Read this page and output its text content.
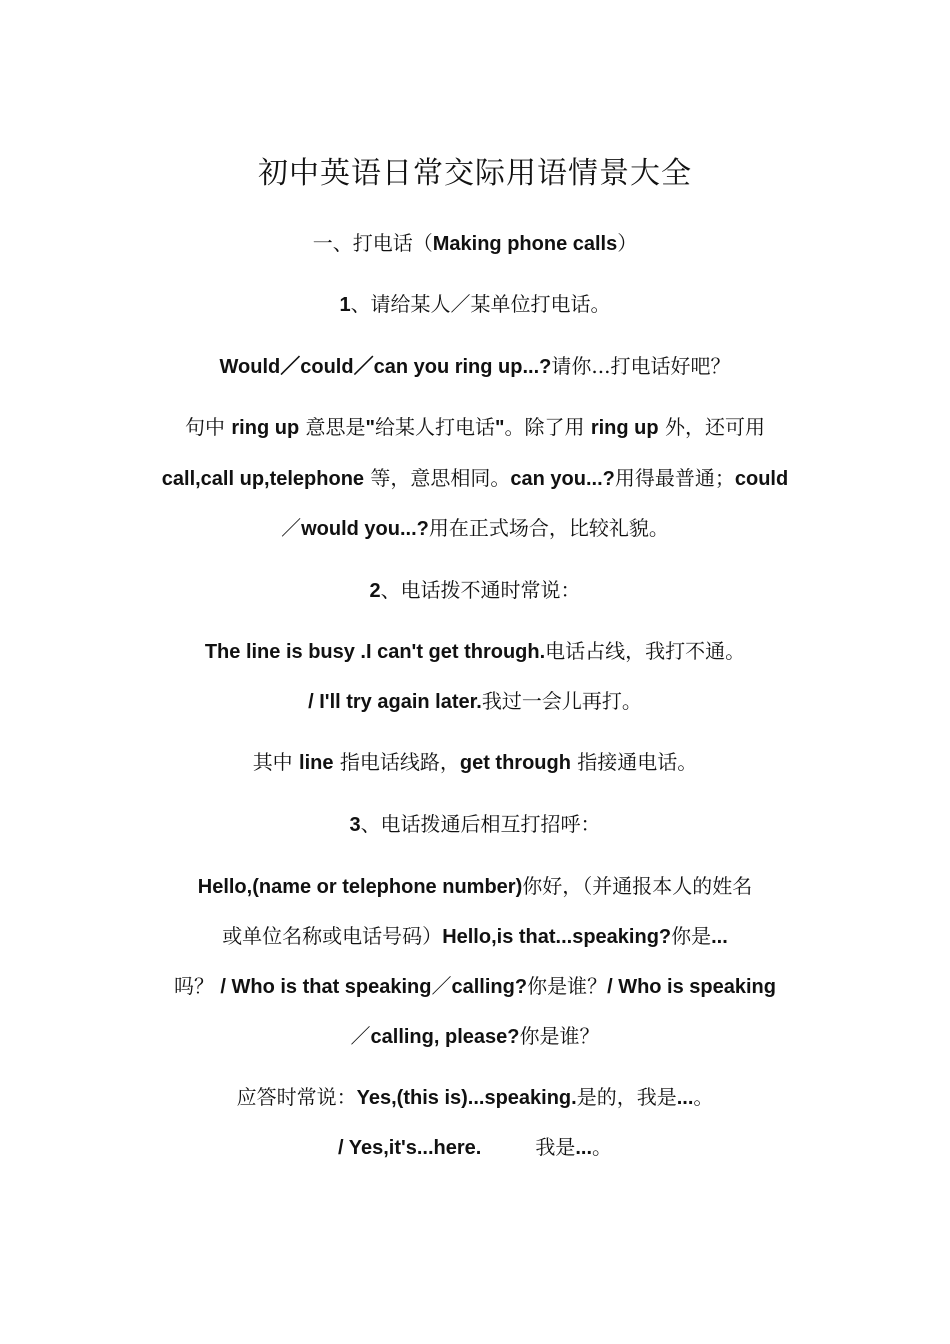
初中英语日常交际用语情景大全
一、打电话（Making phone calls）
1、请给某人／某单位打电话。
Would／could／can you ring up...?请你...打电话好吧？
句中 ring up 意思是"给某人打电话"。除了用 ring up 外，还可用
call,call up,telephone 等，意思相同。can you...?用得最普通；could
／would you...?用在正式场合，比较礼貌。
2、电话拨不通时常说：
The line is busy .I can't get through.电话占线，我打不通。
/ I'll try again later.我过一会儿再打。
其中 line 指电话线路，get through 指接通电话。
3、电话拨通后相互打招呼：
Hello,(name or telephone number)你好，（并通报本人的姓名
或单位名称或电话号码）Hello,is that...speaking?你是...
吗？ / Who is that speaking／calling?你是谁？/ Who is speaking
／calling, please?你是谁？
应答时常说：Yes,(this is)...speaking.是的，我是...。
/ Yes,it's...here.	我是...。
